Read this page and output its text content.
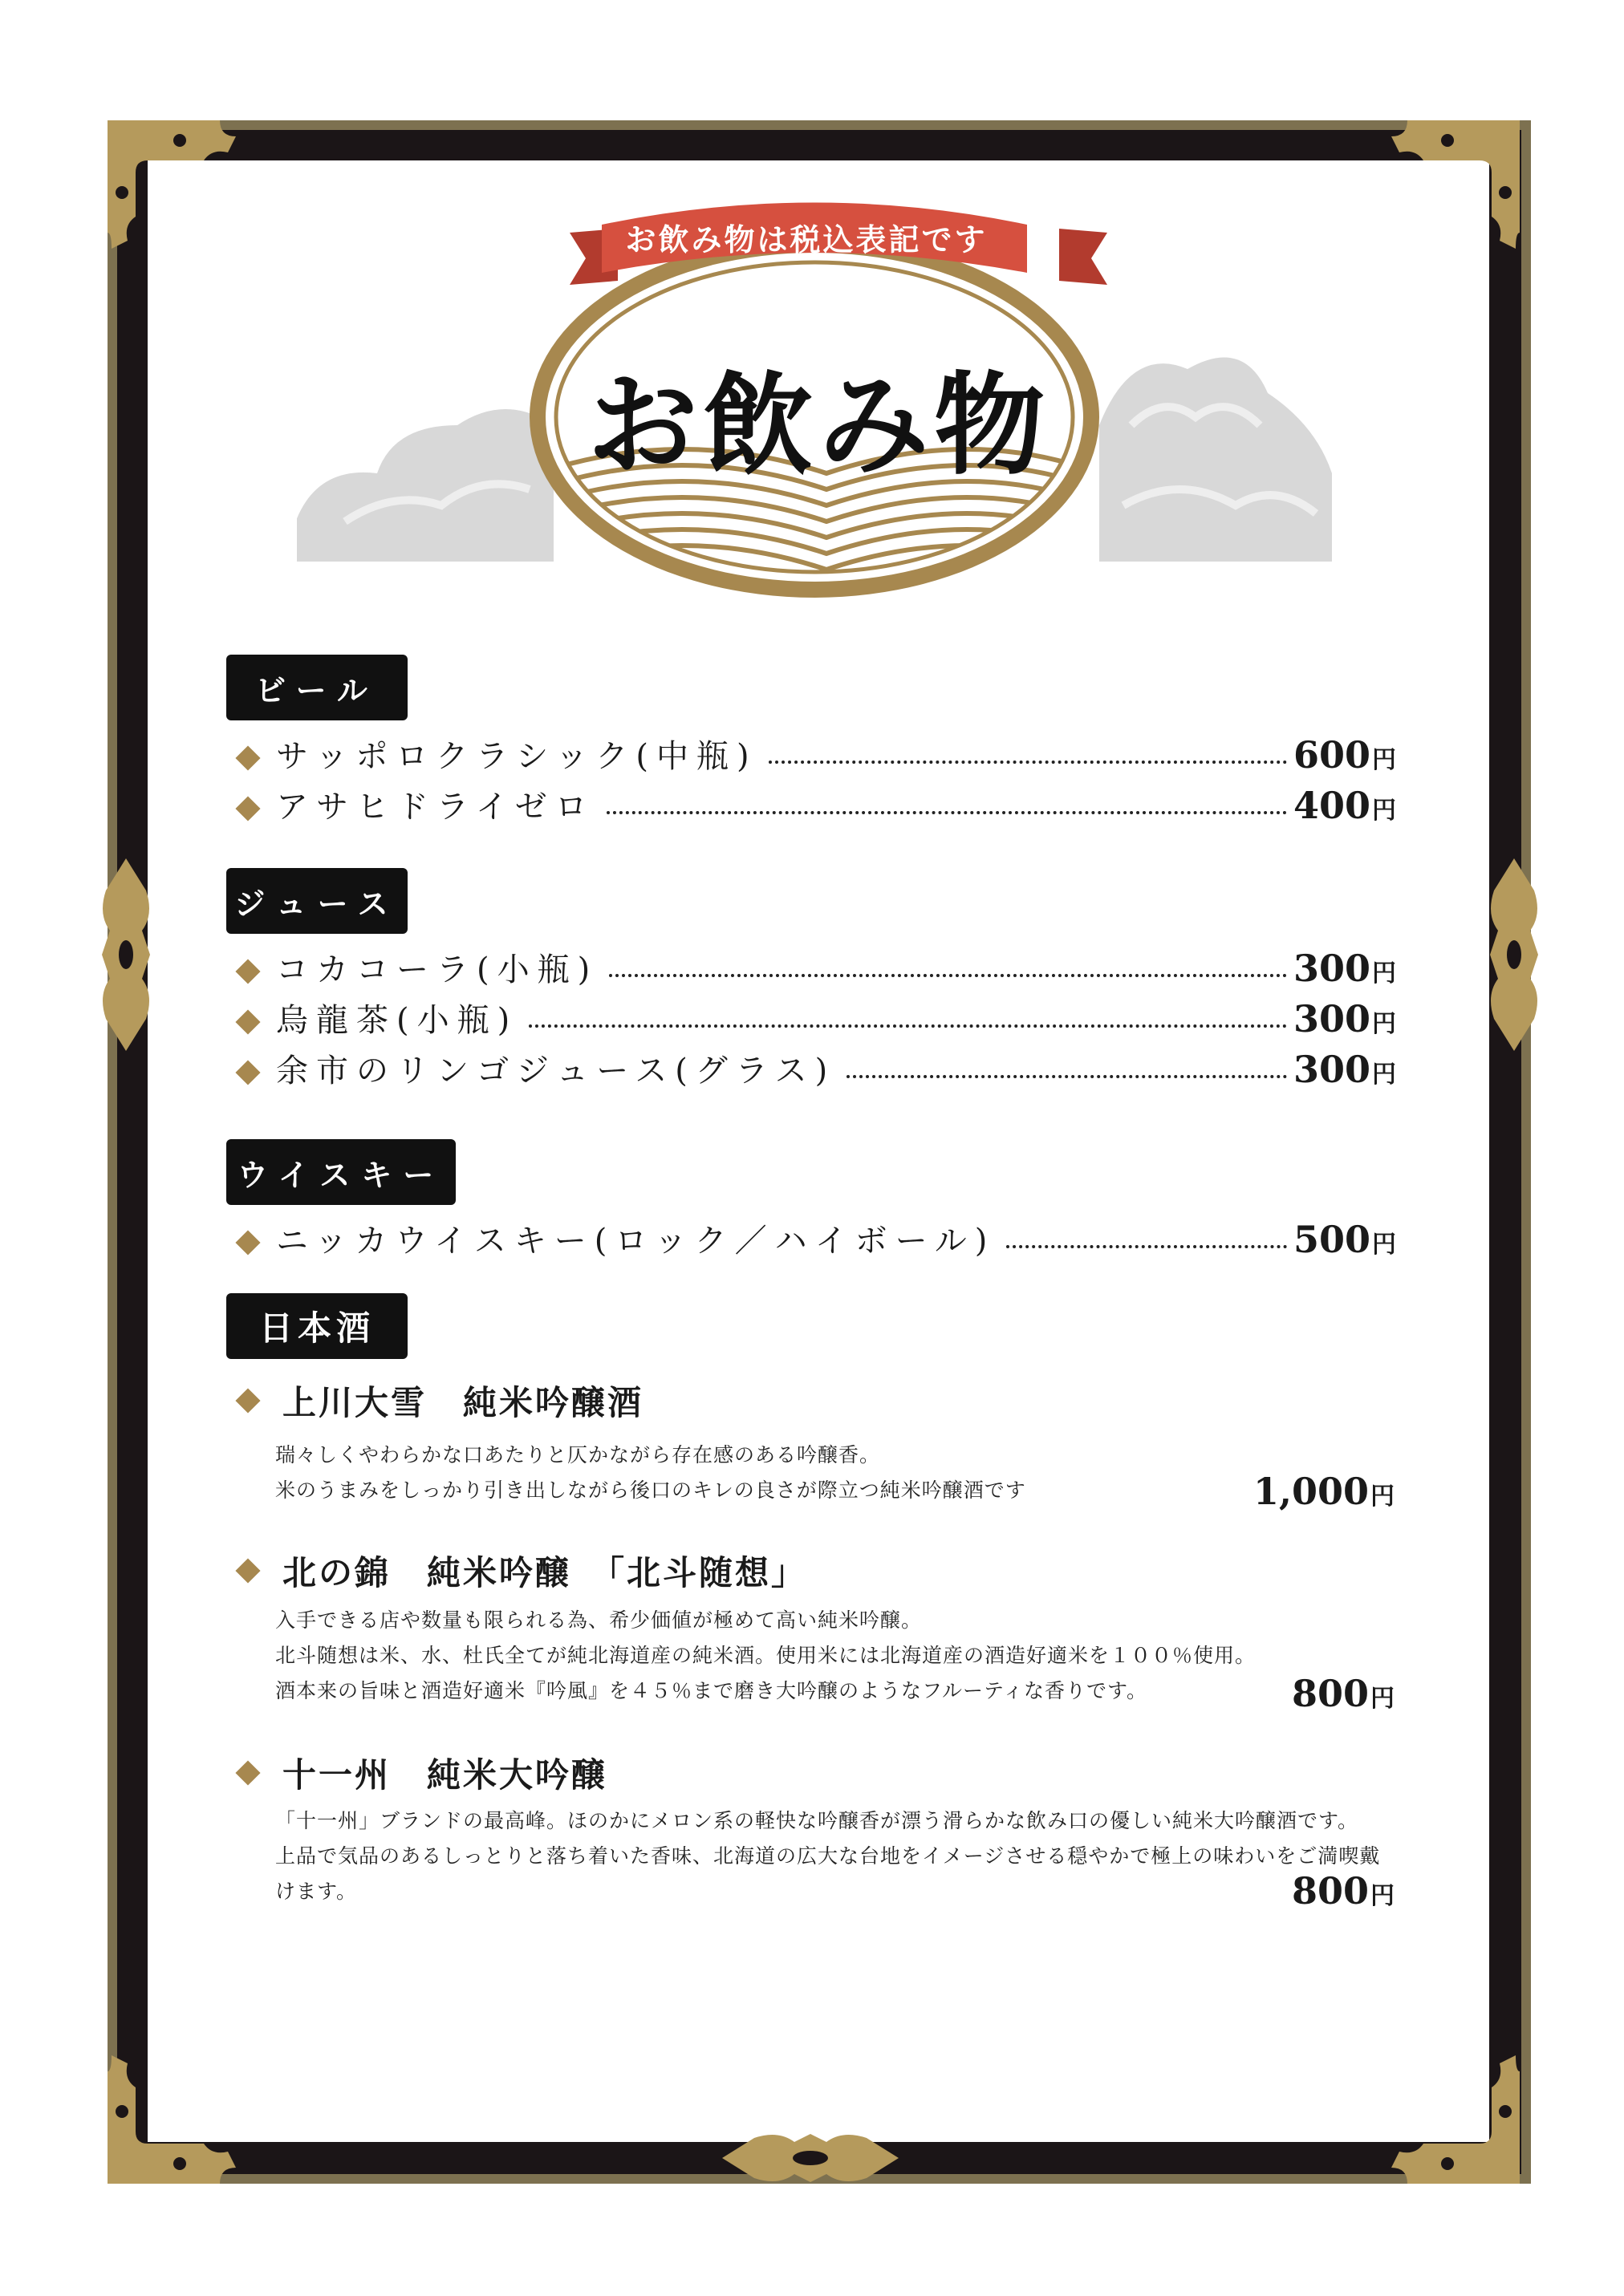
お飲み物は税込表記です
お飲み物
ビール
サッポロクラシック(中瓶)	600円
アサヒドライゼロ	400円
ジュース
コカコーラ(小瓶)	300円
烏龍茶(小瓶)	300円
余市のリンゴジュース(グラス)	300円
ウイスキー
ニッカウイスキー(ロック／ハイボール)	500円
日本酒
上川大雪　純米吟醸酒
瑞々しくやわらかな口あたりと仄かながら存在感のある吟醸香。
米のうまみをしっかり引き出しながら後口のキレの良さが際立つ純米吟醸酒です	1,000円
北の錦　純米吟醸　「北斗随想」
入手できる店や数量も限られる為、希少価値が極めて高い純米吟醸。
北斗随想は米、水、杜氏全てが純北海道産の純米酒。使用米には北海道産の酒造好適米を１００％使用。
酒本来の旨味と酒造好適米『吟風』を４５％まで磨き大吟醸のようなフルーティな香りです。	800円
十一州　純米大吟醸
「十一州」ブランドの最高峰。ほのかにメロン系の軽快な吟醸香が漂う滑らかな飲み口の優しい純米大吟醸酒です。
上品で気品のあるしっとりと落ち着いた香味、北海道の広大な台地をイメージさせる穏やかで極上の味わいをご満喫戴
けます。	800円
